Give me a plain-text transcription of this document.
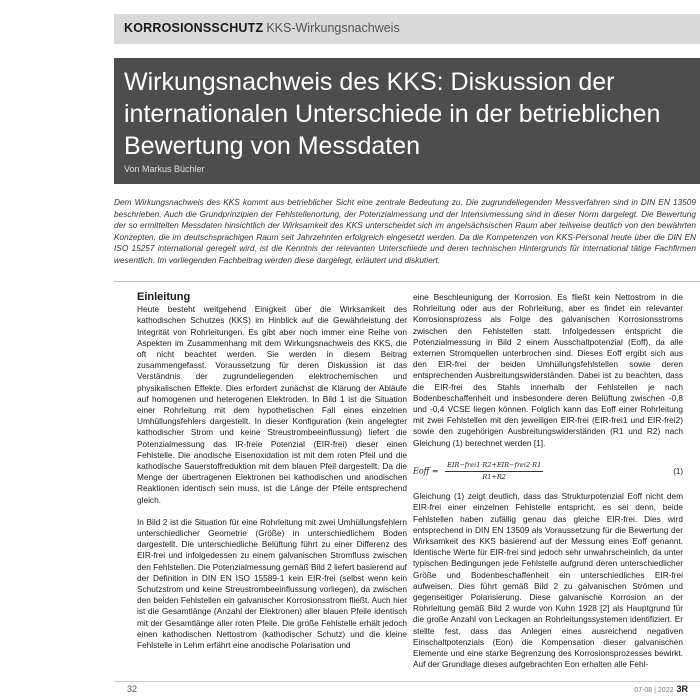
KORROSIONSSCHUTZ KKS-Wirkungsnachweis
Wirkungsnachweis des KKS: Diskussion der internationalen Unterschiede in der betrieblichen Bewertung von Messdaten
Von Markus Büchler

Dem Wirkungsnachweis des KKS kommt aus betrieblicher Sicht eine zentrale Bedeutung zu. Die zugrundeliegenden Messverfahren sind in DIN EN 13509 beschrieben. Auch die Grundprinzipien der Fehlstellenortung, der Potenzialmessung und der Intensivmessung sind in dieser Norm dargelegt. Die Bewertung der so ermittelten Messdaten hinsichtlich der Wirksamkeit des KKS unterscheidet sich im angelsächsischen Raum aber teilweise deutlich von den bewährten Konzepten, die im deutschsprachigen Raum seit Jahrzehnten erfolgreich eingesetzt werden. Da die Kompetenzen von KKS-Personal heute über die DIN EN ISO 15257 international geregelt wird, ist die Kenntnis der relevanten Unterschiede und deren technischen Hintergrunds für international tätige Fachfirmen wesentlich. Im vorliegenden Fachbeitrag werden diese dargelegt, erläutert und diskutiert.

Einleitung

Heute besteht weitgehend Einigkeit über die Wirksamkeit des kathodischen Schutzes (KKS) im Hinblick auf die Gewährleistung der Integrität von Rohrleitungen. Es gibt aber noch immer eine Reihe von Aspekten im Zusammenhang mit dem Wirkungsnachweis des KKS, die oft nicht beachtet werden. Sie werden in diesem Beitrag zusammengefasst. Voraussetzung für deren Diskussion ist das Verständnis der zugrundeliegenden elektrochemischen und physikalischen Effekte. Dies erfordert zunächst die Klärung der Abläufe auf homogenen und heterogenen Elektroden. In Bild 1 ist die Situation einer Rohrleitung mit dem hypothetischen Fall eines einzelnen Umhüllungsfehlers dargestellt. In dieser Konfiguration (kein angelegter kathodischer Strom und keine Streustrombeeinflussung) liefert die Potenzialmessung das IR-freie Potenzial (EIR-frei) dieser einen Fehlstelle. Die anodische Eisenoxidation ist mit dem roten Pfeil und die kathodische Sauerstoffreduktion mit dem blauen Pfeil dargestellt. Da die Menge der übertragenen Elektronen bei kathodischen und anodischen Reaktionen identisch sein muss, ist die Länge der Pfeile entsprechend gleich.

In Bild 2 ist die Situation für eine Rohrleitung mit zwei Umhüllungsfehlern unterschiedlicher Geometrie (Größe) in unterschiedlichem Boden dargestellt. Die unterschiedliche Belüftung führt zu einer Differenz des EIR-frei und infolgedessen zu einem galvanischen Stromfluss zwischen den Fehlstellen. Die Potenzialmessung gemäß Bild 2 liefert basierend auf der Definition in DIN EN ISO 15589-1 kein EIR-frei (selbst wenn kein Schutzstrom und keine Streustrombeeinflussung vorliegen), da zwischen den beiden Fehlstellen ein galvanischer Korrosionsstrom fließt. Auch hier ist die Gesamtlänge (Anzahl der Elektronen) aller blauen Pfeile identisch mit der Gesamtlänge aller roten Pfeile. Die große Fehlstelle erhält jedoch einen kathodischen Nettostrom (kathodischer Schutz) und die kleine Fehlstelle in Lehm erfährt eine anodische Polarisation und

eine Beschleunigung der Korrosion. Es fließt kein Nettostrom in die Rohrleitung oder aus der Rohrleitung, aber es findet ein relevanter Korrosionsprozess als Folge des galvanischen Korrosionsstroms zwischen den Fehlstellen statt. Infolgedessen entspricht die Potenzialmessung in Bild 2 einem Ausschaltpotenzial (Eoff), da alle externen Stromquellen unterbrochen sind. Dieses Eoff ergibt sich aus den EIR-frei der beiden Umhüllungsfehlstellen sowie deren entsprechenden Ausbreitungswiderständen. Dabei ist zu beachten, dass die EIR-frei des Stahls innerhalb der Fehlstellen je nach Bodenbeschaffenheit und insbesondere deren Belüftung zwischen -0,8 und -0,4 VCSE liegen können. Folglich kann das Eoff einer Rohrleitung mit zwei Fehlstellen mit den jeweiligen EIR-frei (EIR-frei1 und EIR-frei2) sowie den zugehörigen Ausbreitungswiderständen (R1 und R2) nach Gleichung (1) berechnet werden [1].

Eoff = $\frac{\text{EIR−frei1·R2+EIR−frei2·R1}}{R1+R2}$	(1)

Gleichung (1) zeigt deutlich, dass das Strukturpotenzial Eoff nicht dem EIR-frei einer einzelnen Fehlstelle entspricht, es sei denn, beide Fehlstellen haben zufällig genau das gleiche EIR-frei. Dies wird entsprechend in DIN EN 13509 als Voraussetzung für die Bewertung der Wirksamkeit des KKS basierend auf der Messung eines Eoff genannt. Identische Werte für EIR-frei sind jedoch sehr unwahrscheinlich, da unter typischen Bedingungen jede Fehlstelle aufgrund deren unterschiedlicher Größe und Bodenbeschaffenheit ein unterschiedliches EIR-frei aufweisen. Dies führt gemäß Bild 2 zu galvanischen Strömen und gegenseitiger Polarisierung. Diese galvanische Korrosion an der Rohrleitung gemäß Bild 2 wurde von Kuhn 1928 [2] als Hauptgrund für die große Anzahl von Leckagen an Rohrleitungssystemen identifiziert. Er stellte fest, dass das Anlegen eines ausreichend negativen Einschaltpotenzials (Eon) die Kompensation dieser galvanischen Elemente und eine starke Begrenzung des Korrosionsprozesses bewirkt. Auf der Grundlage dieses aufgebrachten Eon erhalten alle Fehl-

32	07-08 | 2022 3R
